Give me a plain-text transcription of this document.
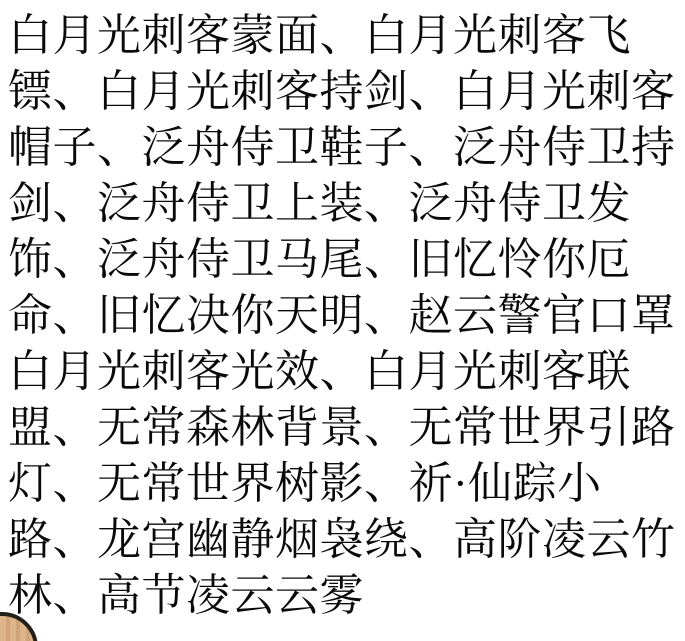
白月光刺客蒙面、白月光刺客飞
镖、白月光刺客持剑、白月光刺客
帽子、泛舟侍卫鞋子、泛舟侍卫持
剑、泛舟侍卫上装、泛舟侍卫发
饰、泛舟侍卫马尾、旧忆怜你厄
命、旧忆决你天明、赵云警官口罩
白月光刺客光效、白月光刺客联
盟、无常森林背景、无常世界引路
灯、无常世界树影、祈·仙踪小
路、龙宫幽静烟袅绕、高阶凌云竹
林、高节凌云云雾
